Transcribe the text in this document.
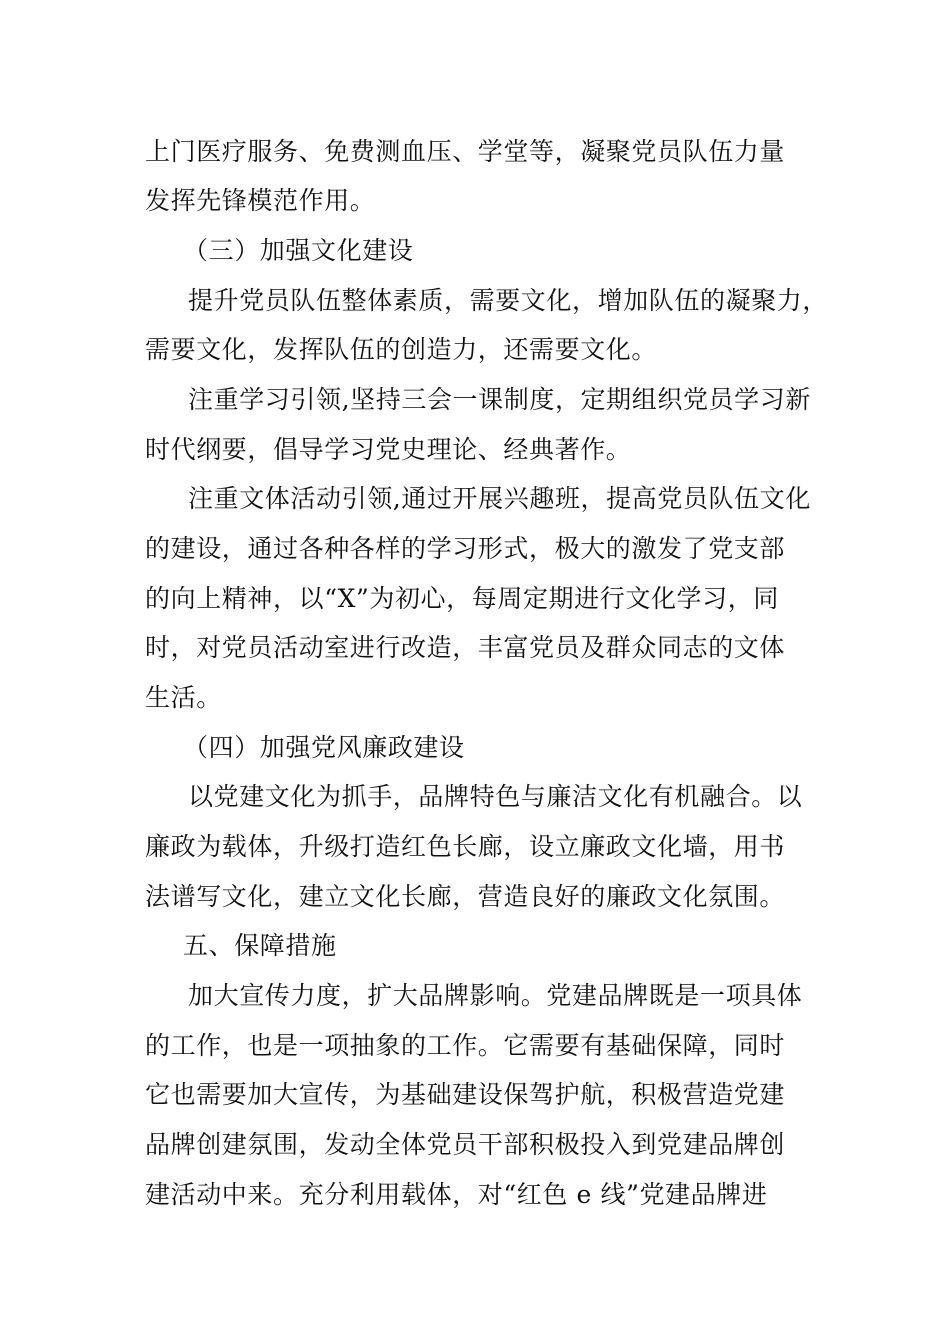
上门医疗服务、免费测血压、学堂等，凝聚党员队伍力量
发挥先锋模范作用。
（三）加强文化建设
提升党员队伍整体素质，需要文化，增加队伍的凝聚力，
需要文化，发挥队伍的创造力，还需要文化。
注重学习引领,坚持三会一课制度，定期组织党员学习新
时代纲要，倡导学习党史理论、经典著作。
注重文体活动引领,通过开展兴趣班，提高党员队伍文化
的建设，通过各种各样的学习形式，极大的激发了党支部
的向上精神，以“X”为初心，每周定期进行文化学习，同
时，对党员活动室进行改造，丰富党员及群众同志的文体
生活。
（四）加强党风廉政建设
以党建文化为抓手，品牌特色与廉洁文化有机融合。以
廉政为载体，升级打造红色长廊，设立廉政文化墙，用书
法谱写文化，建立文化长廊，营造良好的廉政文化氛围。
五、保障措施
加大宣传力度，扩大品牌影响。党建品牌既是一项具体
的工作，也是一项抽象的工作。它需要有基础保障，同时
它也需要加大宣传，为基础建设保驾护航，积极营造党建
品牌创建氛围，发动全体党员干部积极投入到党建品牌创
建活动中来。充分利用载体，对“红色 e 线”党建品牌进
